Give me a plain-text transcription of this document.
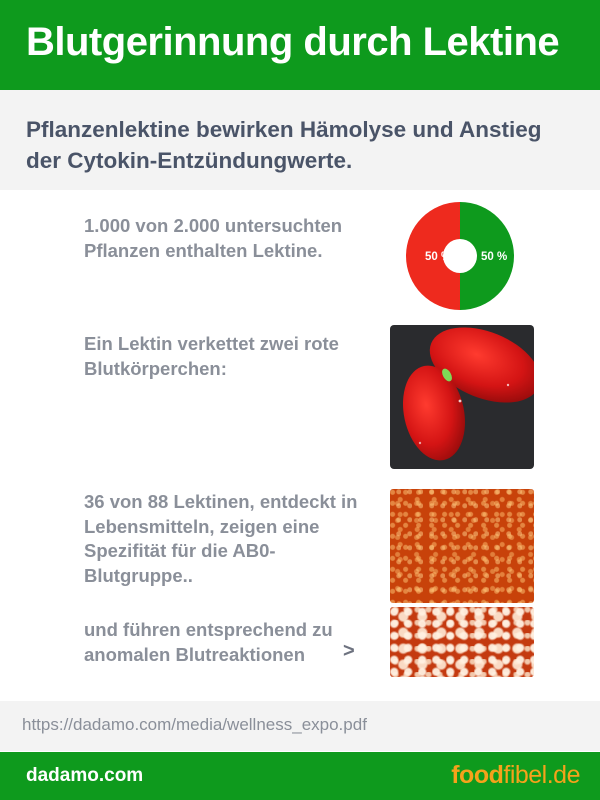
Blutgerinnung durch Lektine

Pflanzenlektine bewirken Hämolyse und Anstieg der Cytokin-Entzündungwerte.

1.000 von 2.000 untersuchten Pflanzen enthalten Lektine.	50 %	50 %

Ein Lektin verkettet zwei rote Blutkörperchen:

36 von 88 Lektinen, entdeckt in Lebensmitteln, zeigen eine Spezifität für die AB0-Blutgruppe..

und führen entsprechend zu anomalen Blutreaktionen	>
https://dadamo.com/media/wellness_expo.pdf
dadamo.com	foodfibel.de
